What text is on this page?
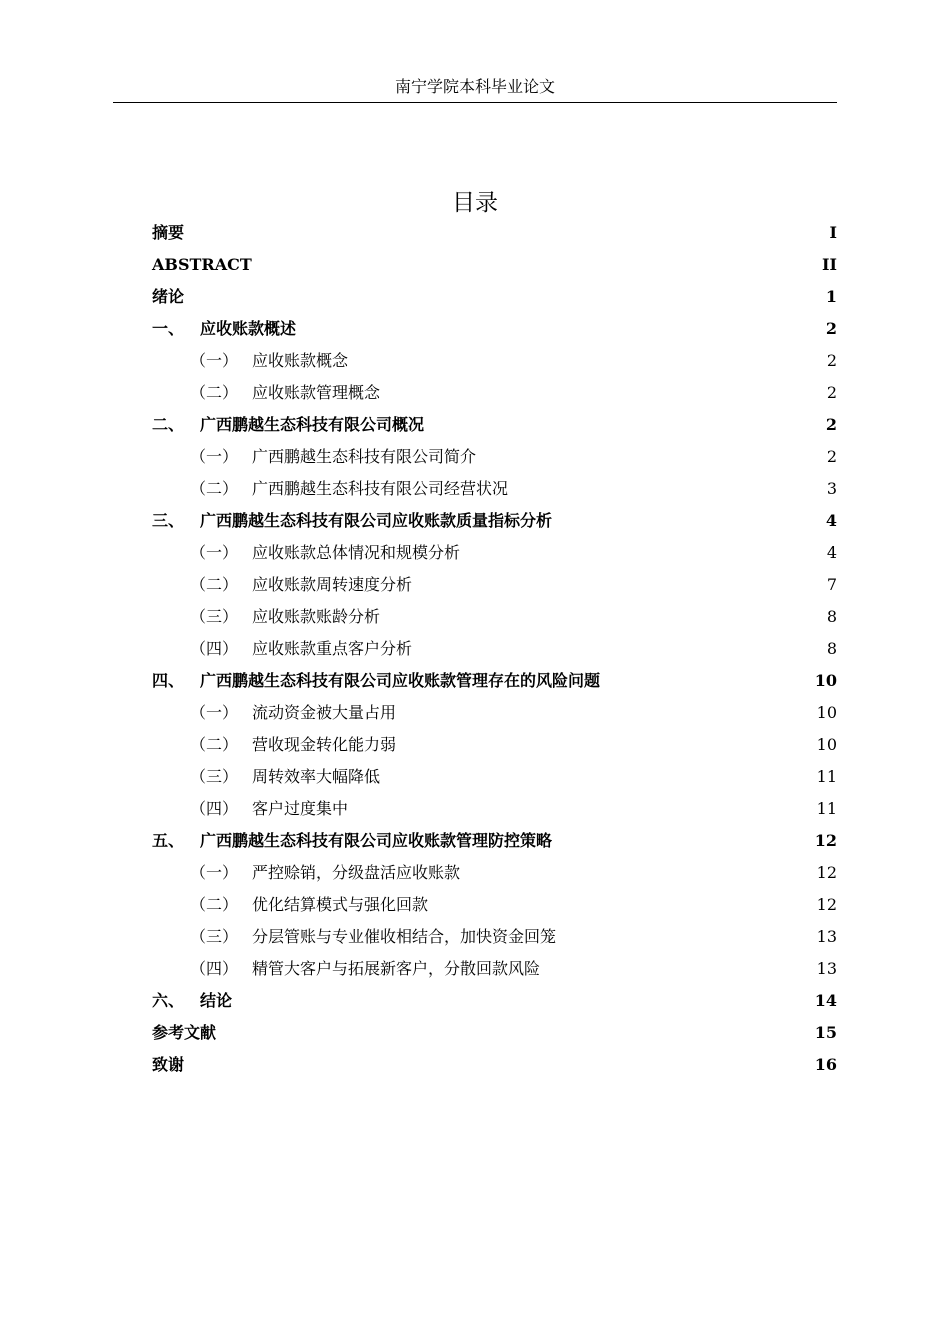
南宁学院本科毕业论文
目录
摘要	I
ABSTRACT	II
绪论	1
一、 应收账款概述	2
（一） 应收账款概念	2
（二） 应收账款管理概念	2
二、 广西鹏越生态科技有限公司概况	2
（一） 广西鹏越生态科技有限公司简介	2
（二） 广西鹏越生态科技有限公司经营状况	3
三、 广西鹏越生态科技有限公司应收账款质量指标分析	4
（一） 应收账款总体情况和规模分析	4
（二） 应收账款周转速度分析	7
（三） 应收账款账龄分析	8
（四） 应收账款重点客户分析	8
四、 广西鹏越生态科技有限公司应收账款管理存在的风险问题	10
（一） 流动资金被大量占用	10
（二） 营收现金转化能力弱	10
（三） 周转效率大幅降低	11
（四） 客户过度集中	11
五、 广西鹏越生态科技有限公司应收账款管理防控策略	12
（一） 严控赊销，分级盘活应收账款	12
（二） 优化结算模式与强化回款	12
（三） 分层管账与专业催收相结合，加快资金回笼	13
（四） 精管大客户与拓展新客户，分散回款风险	13
六、 结论	14
参考文献	15
致谢	16
